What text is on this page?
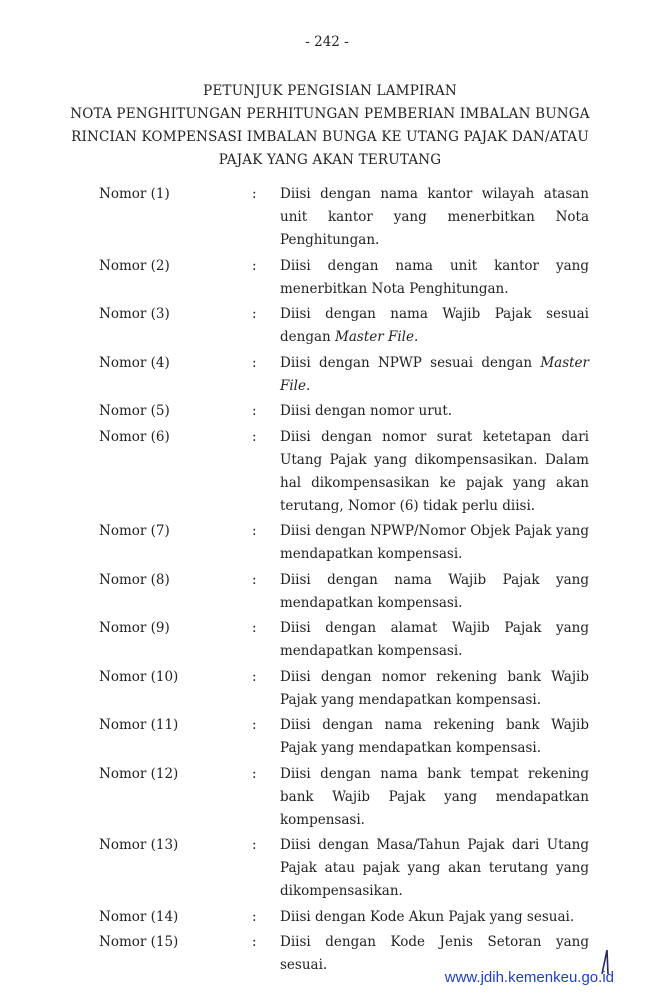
- 242 -
PETUNJUK PENGISIAN LAMPIRAN
NOTA PENGHITUNGAN PERHITUNGAN PEMBERIAN IMBALAN BUNGA
RINCIAN KOMPENSASI IMBALAN BUNGA KE UTANG PAJAK DAN/ATAU
PAJAK YANG AKAN TERUTANG
Nomor (1)	: Diisi dengan nama kantor wilayah atasan unit kantor yang menerbitkan Nota Penghitungan.
Nomor (2)	: Diisi dengan nama unit kantor yang menerbitkan Nota Penghitungan.
Nomor (3)	: Diisi dengan nama Wajib Pajak sesuai dengan Master File.
Nomor (4)	: Diisi dengan NPWP sesuai dengan Master File.
Nomor (5)	: Diisi dengan nomor urut.
Nomor (6)	: Diisi dengan nomor surat ketetapan dari Utang Pajak yang dikompensasikan. Dalam hal dikompensasikan ke pajak yang akan terutang, Nomor (6) tidak perlu diisi.
Nomor (7)	: Diisi dengan NPWP/Nomor Objek Pajak yang mendapatkan kompensasi.
Nomor (8)	: Diisi dengan nama Wajib Pajak yang mendapatkan kompensasi.
Nomor (9)	: Diisi dengan alamat Wajib Pajak yang mendapatkan kompensasi.
Nomor (10)	: Diisi dengan nomor rekening bank Wajib Pajak yang mendapatkan kompensasi.
Nomor (11)	: Diisi dengan nama rekening bank Wajib Pajak yang mendapatkan kompensasi.
Nomor (12)	: Diisi dengan nama bank tempat rekening bank Wajib Pajak yang mendapatkan kompensasi.
Nomor (13)	: Diisi dengan Masa/Tahun Pajak dari Utang Pajak atau pajak yang akan terutang yang dikompensasikan.
Nomor (14)	: Diisi dengan Kode Akun Pajak yang sesuai.
Nomor (15)	: Diisi dengan Kode Jenis Setoran yang sesuai.
www.jdih.kemenkeu.go.id
